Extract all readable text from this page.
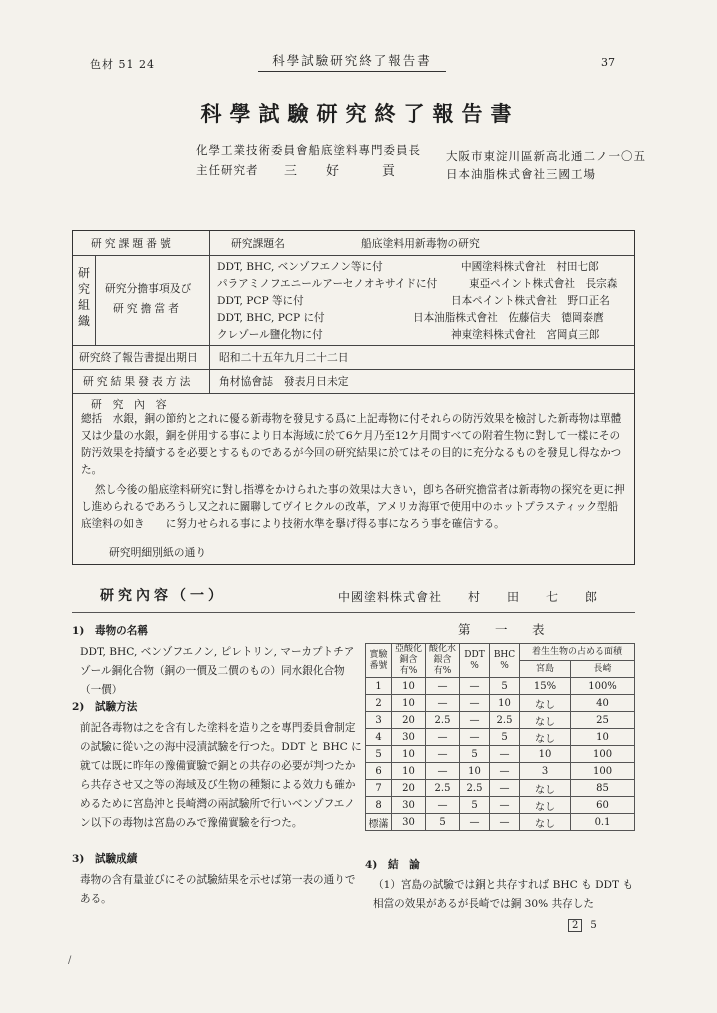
色材 51 24	科學試驗研究終了報告書	37
科學試驗研究終了報告書
化學工業技術委員會船底塗料專門委員長
主任研究者 三　　好　　　貢
大阪市東淀川區新高北通二ノ一〇五
日本油脂株式會社三國工場
研究課題番號	研究課題名	船底塗料用新毒物の研究
研
究
組
織
研究分擔事項及び
研究擔當者
DDT, BHC, ベンゾフエノン等に付	中國塗料株式會社　 村田七郎
パラアミノフエニールアーセノオキサイドに付	東亞ペイント株式會社　 長宗森
DDT, PCP 等に付	日本ペイント株式會社　 野口正名
DDT, BHC, PCP に付	日本油脂株式會社　 佐藤信夫　德岡泰麿
クレゾール鹽化物に付	神東塗料株式會社　 宮岡貞三郎
研究終了報告書提出期日 昭和二十五年九月二十二日
研究結果發表方法 角材協會誌　發表月日未定
研　究　內　容
總括　水銀，銅の節約と之れに優る新毒物を發見する爲に上記毒物に付それらの防汚效果を檢討した新毒物は單體又は少量の水銀，銅を併用する事により日本海域に於て6ケ月乃至12ケ月間すべての附着生物に對して一樣にその防汚效果を持續するを必要とするものであるが今回の研究結果に於てはその目的に充分なるものを發見し得なかつた。
然し今後の船底塗料研究に對し指導をかけられた事の效果は大きい，卽ち各研究擔當者は新毒物の探究を更に押し進められるであろうし又之れに關聯してヴイヒクルの改革，アメリカ海軍で使用中のホットプラスティック型船底塗料の如き　　に努力せられる事により技術水準を擧げ得る事になろう事を確信する。
研究明細別紙の通り
研究內容（一）	中國塗料株式會社　　村　　田　　七　　郎
1)　毒物の名稱
DDT, BHC, ベンゾフエノン, ピレトリン, マーカプトチアゾール銅化合物（銅の一價及二價のもの）同水銀化合物（一價）
2)　試驗方法
前記各毒物は之を含有した塗料を造り之を專門委員會制定の試驗に從い之の海中浸漬試驗を行つた。DDT と BHC に就ては既に昨年の豫備實驗で銅との共存の必要が判つたから共存させ又之等の海域及び生物の種類による效力も確かめるために宮島沖と長崎灣の兩試驗所で行いベンゾフエノン以下の毒物は宮島のみで豫備實驗を行つた。
3)　試驗成績
毒物の含有量並びにその試驗結果を示せば第一表の通りである。
第　一　表
實驗番號	亞酸化銅含有%	酸化水銀含有%	DDT %	BHC %	着生生物の占める面積	
					宮島	長崎
1	10	—	—	5	15%	100%
2	10	—	—	10	なし	40
3	20	2.5	—	2.5	なし	25
4	30	—	—	5	なし	10
5	10	—	5	—	10	100
6	10	—	10	—	3	100
7	20	2.5	2.5	—	なし	85
8	30	—	5	—	なし	60
標滿	30	5	—	—	なし	0.1
4)　結　論
（1）宮島の試驗では銅と共存すれば BHC も DDT も相當の效果があるが長崎では銅 30% 共存した
2 5
/
